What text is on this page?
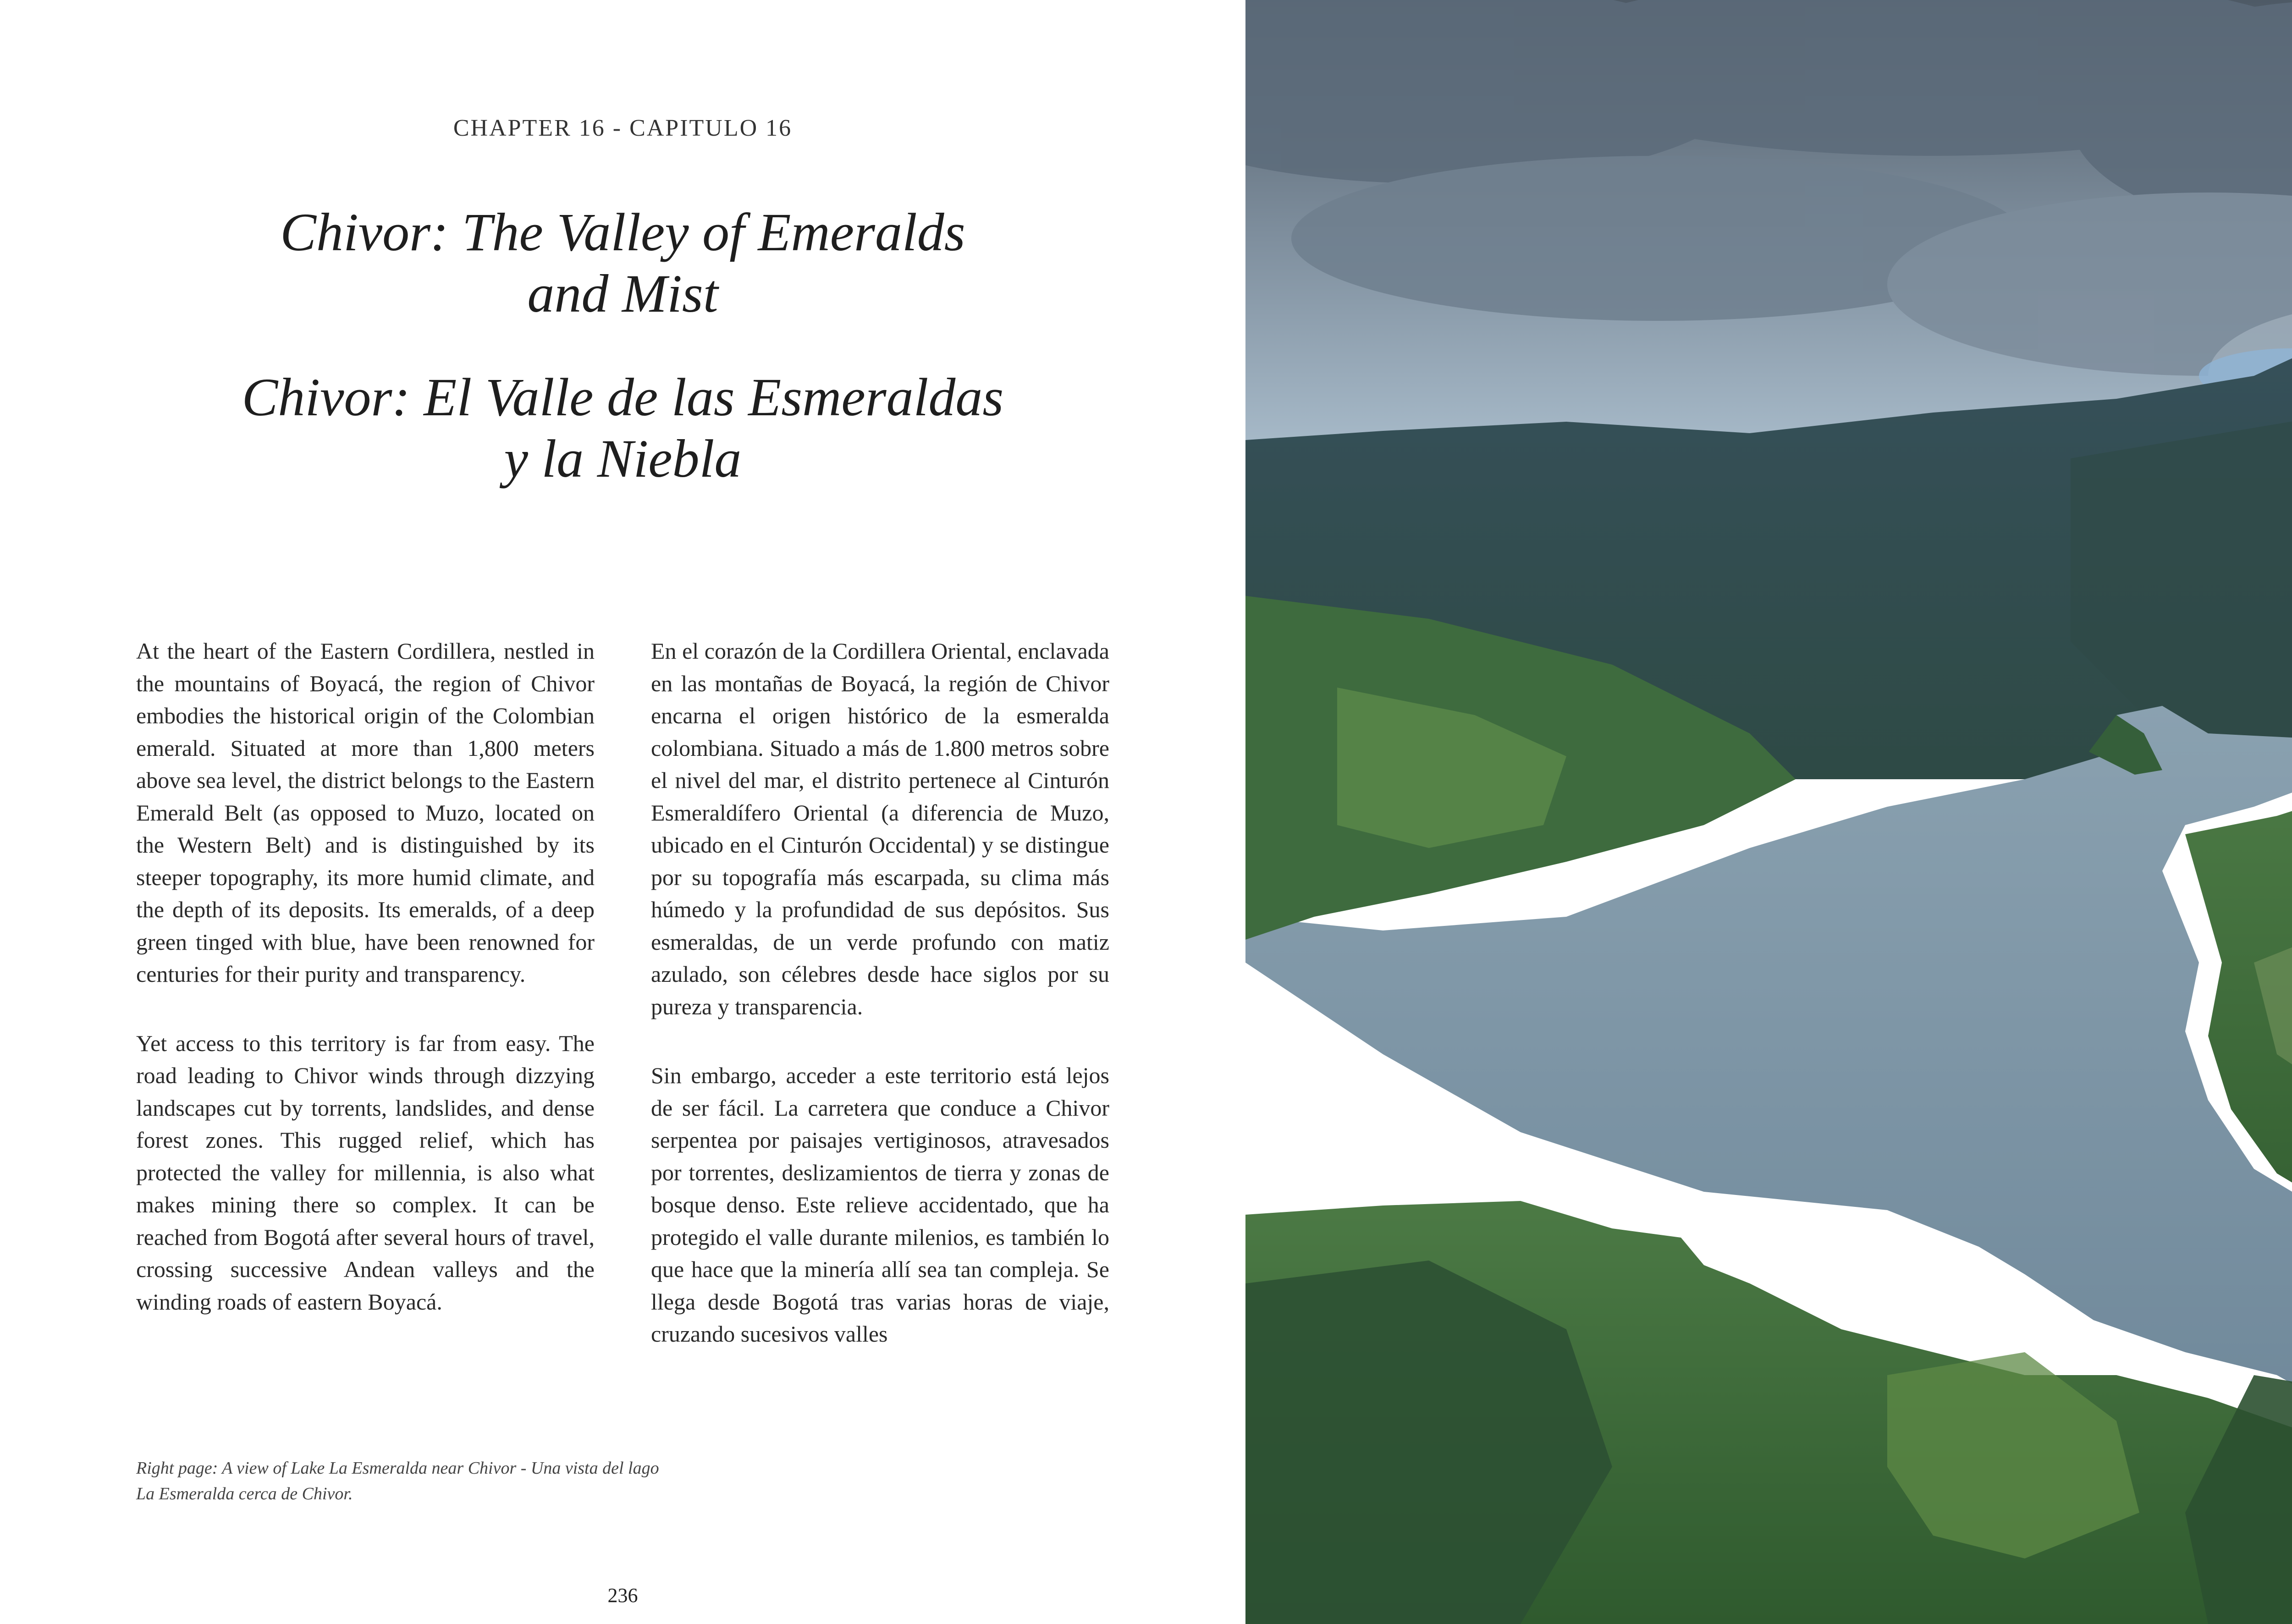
CHAPTER 16 - CAPITULO 16
Chivor: The Valley of Emeralds
and Mist
Chivor: El Valle de las Esmeraldas
y la Niebla

At the heart of the Eastern Cordillera, nestled in the mountains of Boyacá, the region of Chivor embodies the historical origin of the Colombian emerald. Situated at more than 1,800 meters above sea level, the district belongs to the Eastern Emerald Belt (as opposed to Muzo, located on the Western Belt) and is distinguished by its steeper topography, its more humid climate, and the depth of its deposits. Its emeralds, of a deep green tinged with blue, have been renowned for centuries for their purity and transparency.

Yet access to this territory is far from easy. The road leading to Chivor winds through dizzying landscapes cut by torrents, landslides, and dense forest zones. This rugged relief, which has protected the valley for millennia, is also what makes mining there so complex. It can be reached from Bogotá after several hours of travel, crossing successive Andean valleys and the winding roads of eastern Boyacá.

En el corazón de la Cordillera Oriental, enclavada en las montañas de Boyacá, la región de Chivor encarna el origen histórico de la esmeralda colombiana. Situado a más de 1.800 metros sobre el nivel del mar, el distrito pertenece al Cinturón Esmeraldífero Oriental (a diferencia de Muzo, ubicado en el Cinturón Occidental) y se distingue por su topografía más escarpada, su clima más húmedo y la profundidad de sus depósitos. Sus esmeraldas, de un verde profundo con matiz azulado, son célebres desde hace siglos por su pureza y transparencia.

Sin embargo, acceder a este territorio está lejos de ser fácil. La carretera que conduce a Chivor serpentea por paisajes vertiginosos, atravesados por torrentes, deslizamientos de tierra y zonas de bosque denso. Este relieve accidentado, que ha protegido el valle durante milenios, es también lo que hace que la minería allí sea tan compleja. Se llega desde Bogotá tras varias horas de viaje, cruzando sucesivos valles

Right page: A view of Lake La Esmeralda near Chivor - Una vista del lago La Esmeralda cerca de Chivor.
236
